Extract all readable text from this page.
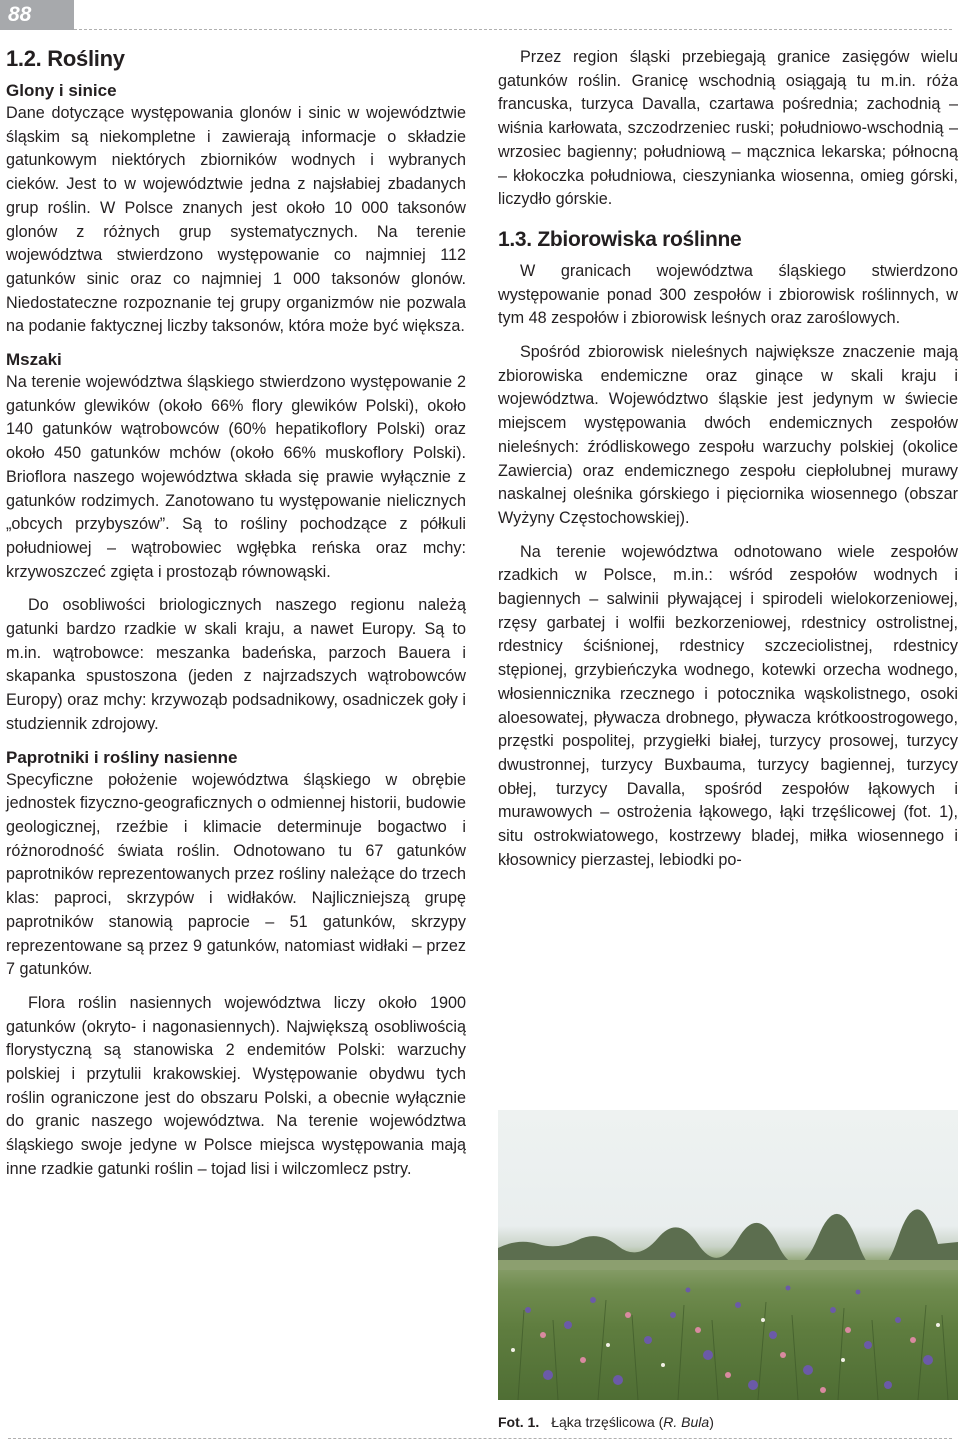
88
1.2. Rośliny
Glony i sinice

Dane dotyczące występowania glonów i sinic w województwie śląskim są niekompletne i zawierają informacje o składzie gatunkowym niektórych zbiorników wodnych i wybranych cieków. Jest to w województwie jedna z najsłabiej zbadanych grup roślin. W Polsce znanych jest około 10 000 taksonów glonów z różnych grup systematycznych. Na terenie województwa stwierdzono występowanie co najmniej 112 gatunków sinic oraz co najmniej 1 000 taksonów glonów. Niedostateczne rozpoznanie tej grupy organizmów nie pozwala na podanie faktycznej liczby taksonów, która może być większa.

Mszaki

Na terenie województwa śląskiego stwierdzono występowanie 2 gatunków glewików (około 66% flory glewików Polski), około 140 gatunków wątrobowców (60% hepatikoflory Polski) oraz około 450 gatunków mchów (około 66% muskoflory Polski). Brioflora naszego województwa składa się prawie wyłącznie z gatunków rodzimych. Zanotowano tu występowanie nielicznych „obcych przybyszów”. Są to rośliny pochodzące z półkuli południowej – wątrobowiec wgłębka reńska oraz mchy: krzywoszczeć zgięta i prostoząb równowąski.

Do osobliwości briologicznych naszego regionu należą gatunki bardzo rzadkie w skali kraju, a nawet Europy. Są to m.in. wątrobowce: meszanka badeńska, parzoch Bauera i skapanka spustoszona (jeden z najrzadszych wątrobowców Europy) oraz mchy: krzywoząb podsadnikowy, osadniczek goły i studziennik zdrojowy.

Paprotniki i rośliny nasienne

Specyficzne położenie województwa śląskiego w obrębie jednostek fizyczno-geograficznych o odmiennej historii, budowie geologicznej, rzeźbie i klimacie determinuje bogactwo i różnorodność świata roślin. Odnotowano tu 67 gatunków paprotników reprezentowanych przez rośliny należące do trzech klas: paproci, skrzypów i widłaków. Najliczniejszą grupę paprotników stanowią paprocie – 51 gatunków, skrzypy reprezentowane są przez 9 gatunków, natomiast widłaki – przez 7 gatunków.

Flora roślin nasiennych województwa liczy około 1900 gatunków (okryto- i nagonasiennych). Największą osobliwością florystyczną są stanowiska 2 endemitów Polski: warzuchy polskiej i przytulii krakowskiej. Występowanie obydwu tych roślin ograniczone jest do obszaru Polski, a obecnie wyłącznie do granic naszego województwa. Na terenie województwa śląskiego swoje jedyne w Polsce miejsca występowania mają inne rzadkie gatunki roślin – tojad lisi i wilczomlecz pstry.

Przez region śląski przebiegają granice zasięgów wielu gatunków roślin. Granicę wschodnią osiągają tu m.in. róża francuska, turzyca Davalla, czartawa pośrednia; zachodnią – wiśnia karłowata, szczodrzeniec ruski; południowo-wschodnią – wrzosiec bagienny; południową – mącznica lekarska; północną – kłokoczka południowa, cieszynianka wiosenna, omieg górski, liczydło górskie.

1.3. Zbiorowiska roślinne

W granicach województwa śląskiego stwierdzono występowanie ponad 300 zespołów i zbiorowisk roślinnych, w tym 48 zespołów i zbiorowisk leśnych oraz zaroślowych.

Spośród zbiorowisk nieleśnych największe znaczenie mają zbiorowiska endemiczne oraz ginące w skali kraju i województwa. Województwo śląskie jest jedynym w świecie miejscem występowania dwóch endemicznych zespołów nieleśnych: źródliskowego zespołu warzuchy polskiej (okolice Zawiercia) oraz endemicznego zespołu ciepłolubnej murawy naskalnej oleśnika górskiego i pięciornika wiosennego (obszar Wyżyny Częstochowskiej).

Na terenie województwa odnotowano wiele zespołów rzadkich w Polsce, m.in.: wśród zespołów wodnych i bagiennych – salwinii pływającej i spirodeli wielokorzeniowej, rzęsy garbatej i wolfii bezkorzeniowej, rdestnicy ostrolistnej, rdestnicy ściśnionej, rdestnicy szczeciolistnej, rdestnicy stępionej, grzybieńczyka wodnego, kotewki orzecha wodnego, włosiennicznika rzecznego i potocznika wąskolistnego, osoki aloesowatej, pływacza drobnego, pływacza krótkoostrogowego, przęstki pospolitej, przygiełki białej, turzycy prosowej, turzycy dwustronnej, turzycy Buxbauma, turzycy bagiennej, turzycy obłej, turzycy Davalla, spośród zespołów łąkowych i murawowych – ostrożenia łąkowego, łąki trzęślicowej (fot. 1), situ ostrokwiatowego, kostrzewy bladej, miłka wiosennego i kłosownicy pierzastej, lebiodki po-

Fot. 1. Łąka trzęślicowa (R. Bula)
